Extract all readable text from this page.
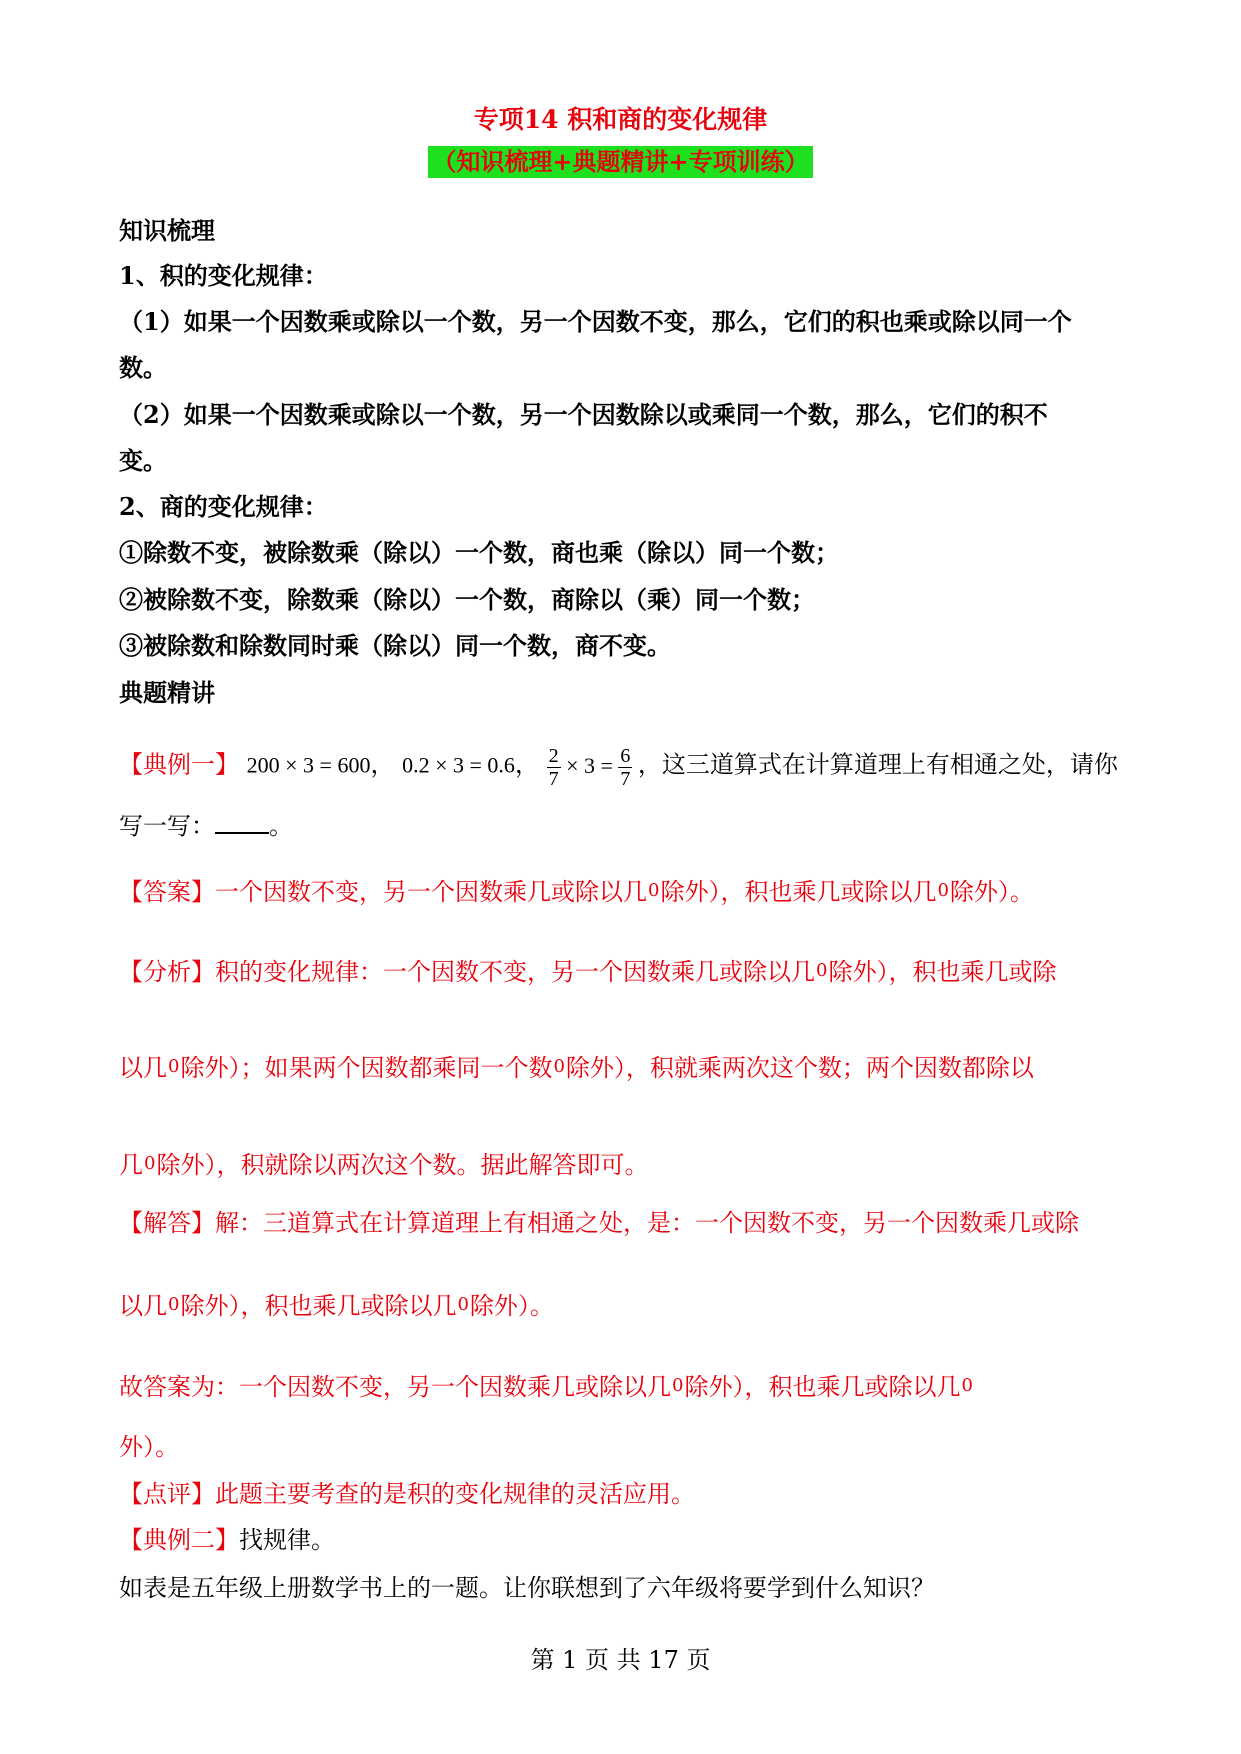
专项14 积和商的变化规律
（知识梳理+典题精讲+专项训练）
知识梳理
1、积的变化规律：
（1）如果一个因数乘或除以一个数，另一个因数不变，那么，它们的积也乘或除以同一个
数。
（2）如果一个因数乘或除以一个数，另一个因数除以或乘同一个数，那么，它们的积不
变。
2、商的变化规律：
①除数不变，被除数乘（除以）一个数，商也乘（除以）同一个数；
②被除数不变，除数乘（除以）一个数，商除以（乘）同一个数；
③被除数和除数同时乘（除以）同一个数，商不变。
典题精讲
【典例一】 200 × 3 = 600， 0.2 × 3 = 0.6， $\frac{2}{7} \times 3 = \frac{6}{7}$ ，这三道算式在计算道理上有相通之处，请你
写一写： 。
【答案】一个因数不变，另一个因数乘几或除以几$^0$除外），积也乘几或除以几$^0$除外）。
【分析】积的变化规律：一个因数不变，另一个因数乘几或除以几$^0$除外），积也乘几或除
以几$^0$除外）；如果两个因数都乘同一个数$^0$除外），积就乘两次这个数；两个因数都除以
几$^0$除外），积就除以两次这个数。据此解答即可。
【解答】解：三道算式在计算道理上有相通之处，是：一个因数不变，另一个因数乘几或除
以几$^0$除外），积也乘几或除以几$^0$除外）。
故答案为：一个因数不变，另一个因数乘几或除以几$^0$除外），积也乘几或除以几$^0$
外）。
【点评】此题主要考查的是积的变化规律的灵活应用。
【典例二】找规律。
如表是五年级上册数学书上的一题。让你联想到了六年级将要学到什么知识？
第 1 页 共 17 页
